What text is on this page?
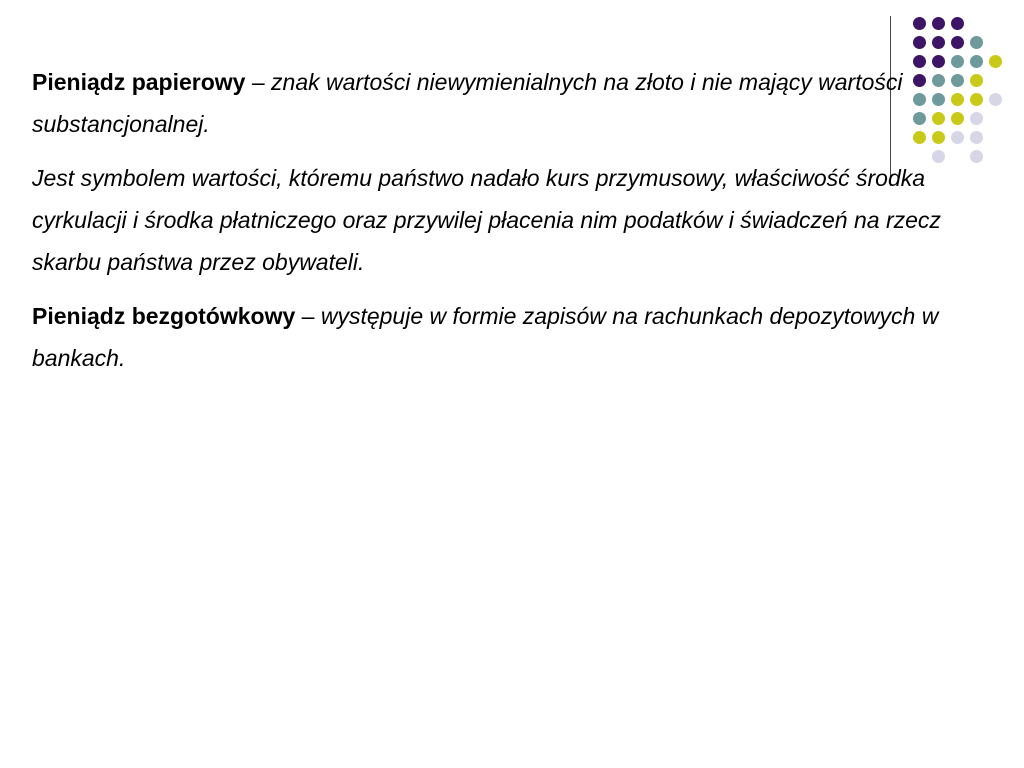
Pieniądz papierowy – znak wartości niewymienialnych na złoto i nie mający wartości substancjonalnej.

Jest symbolem wartości, któremu państwo nadało kurs przymusowy, właściwość środka cyrkulacji i środka płatniczego oraz przywilej płacenia nim podatków i świadczeń na rzecz skarbu państwa przez obywateli.

Pieniądz bezgotówkowy – występuje w formie zapisów na rachunkach depozytowych w bankach.
